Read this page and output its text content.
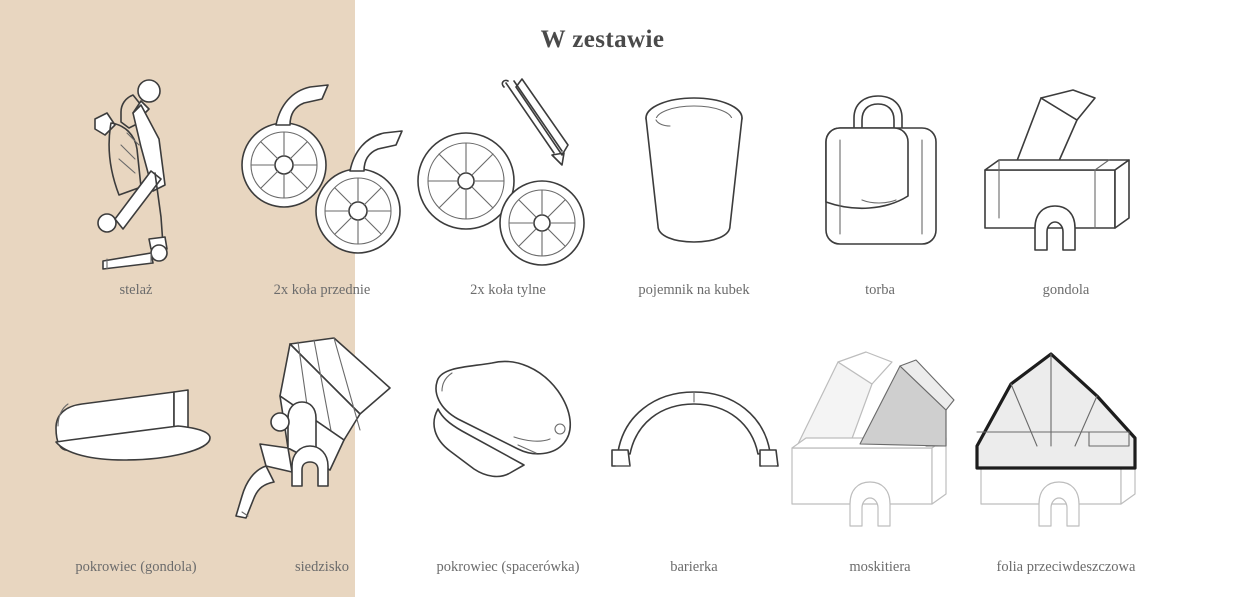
W zestawie
stelaż	2x koła przednie	2x koła tylne	pojemnik na kubek	torba	gondola
pokrowiec (gondola)	siedzisko	pokrowiec (spacerówka)	barierka	moskitiera	folia przeciwdeszczowa
